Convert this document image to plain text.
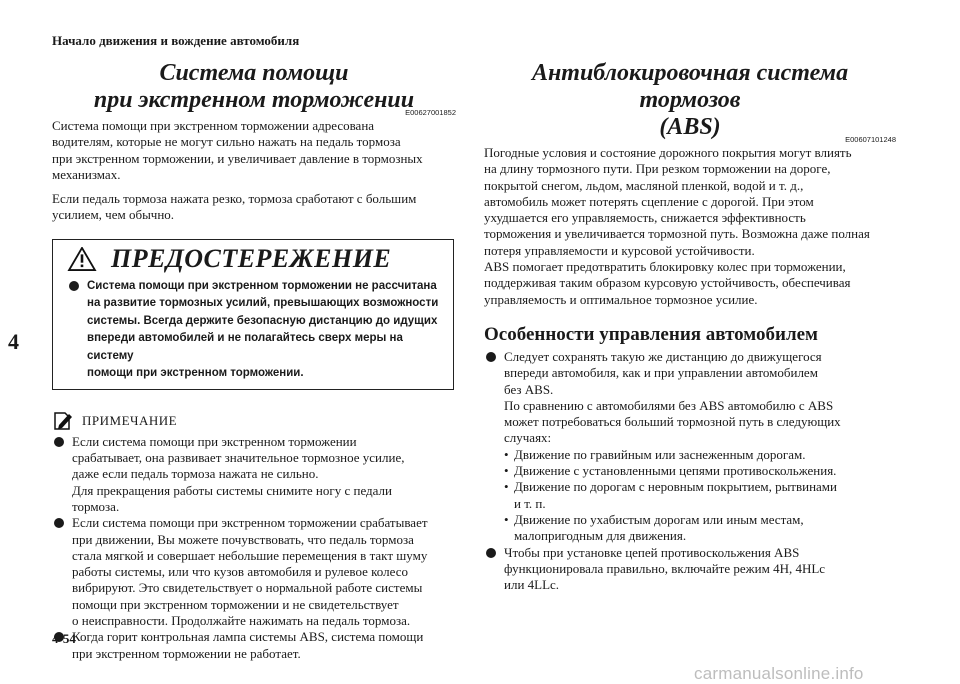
Начало движения и вождение автомобиля
4
Система помощи
при экстренном торможении
E00627001852
Система помощи при экстренном торможении адресована
водителям, которые не могут сильно нажать на педаль тормоза
при экстренном торможении, и увеличивает давление в тормозных
механизмах.
Если педаль тормоза нажата резко, тормоза сработают с большим
усилием, чем обычно.
ПРЕДОСТЕРЕЖЕНИЕ
Система помощи при экстренном торможении не рассчитана
на развитие тормозных усилий, превышающих возможности
системы. Всегда держите безопасную дистанцию до идущих
впереди автомобилей и не полагайтесь сверх меры на систему
помощи при экстренном торможении.
ПРИМЕЧАНИЕ
Если система помощи при экстренном торможении
срабатывает, она развивает значительное тормозное усилие,
даже если педаль тормоза нажата не сильно.
Для прекращения работы системы снимите ногу с педали
тормоза.
Если система помощи при экстренном торможении срабатывает
при движении, Вы можете почувствовать, что педаль тормоза
стала мягкой и совершает небольшие перемещения в такт шуму
работы системы, или что кузов автомобиля и рулевое колесо
вибрируют. Это свидетельствует о нормальной работе системы
помощи при экстренном торможении и не свидетельствует
о неисправности. Продолжайте нажимать на педаль тормоза.
Когда горит контрольная лампа системы ABS, система помощи
при экстренном торможении не работает.
Антиблокировочная система тормозов
(ABS)	E00607101248
Погодные условия и состояние дорожного покрытия могут влиять
на длину тормозного пути. При резком торможении на дороге,
покрытой снегом, льдом, масляной пленкой, водой и т. д.,
автомобиль может потерять сцепление с дорогой. При этом
ухудшается его управляемость, снижается эффективность
торможения и увеличивается тормозной путь. Возможна даже полная
потеря управляемости и курсовой устойчивости.
ABS помогает предотвратить блокировку колес при торможении,
поддерживая таким образом курсовую устойчивость, обеспечивая
управляемость и оптимальное тормозное усилие.
Особенности управления автомобилем
Следует сохранять такую же дистанцию до движущегося
впереди автомобиля, как и при управлении автомобилем
без ABS.
По сравнению с автомобилями без ABS автомобилю с ABS
может потребоваться больший тормозной путь в следующих
случаях:
• Движение по гравийным или заснеженным дорогам.
• Движение с установленными цепями противоскольжения.
• Движение по дорогам с неровным покрытием, рытвинами
и т. п.
• Движение по ухабистым дорогам или иным местам,
малопригодным для движения.
Чтобы при установке цепей противоскольжения ABS
функционировала правильно, включайте режим 4H, 4HLc
или 4LLc.
4-54
carmanualsonline.info
